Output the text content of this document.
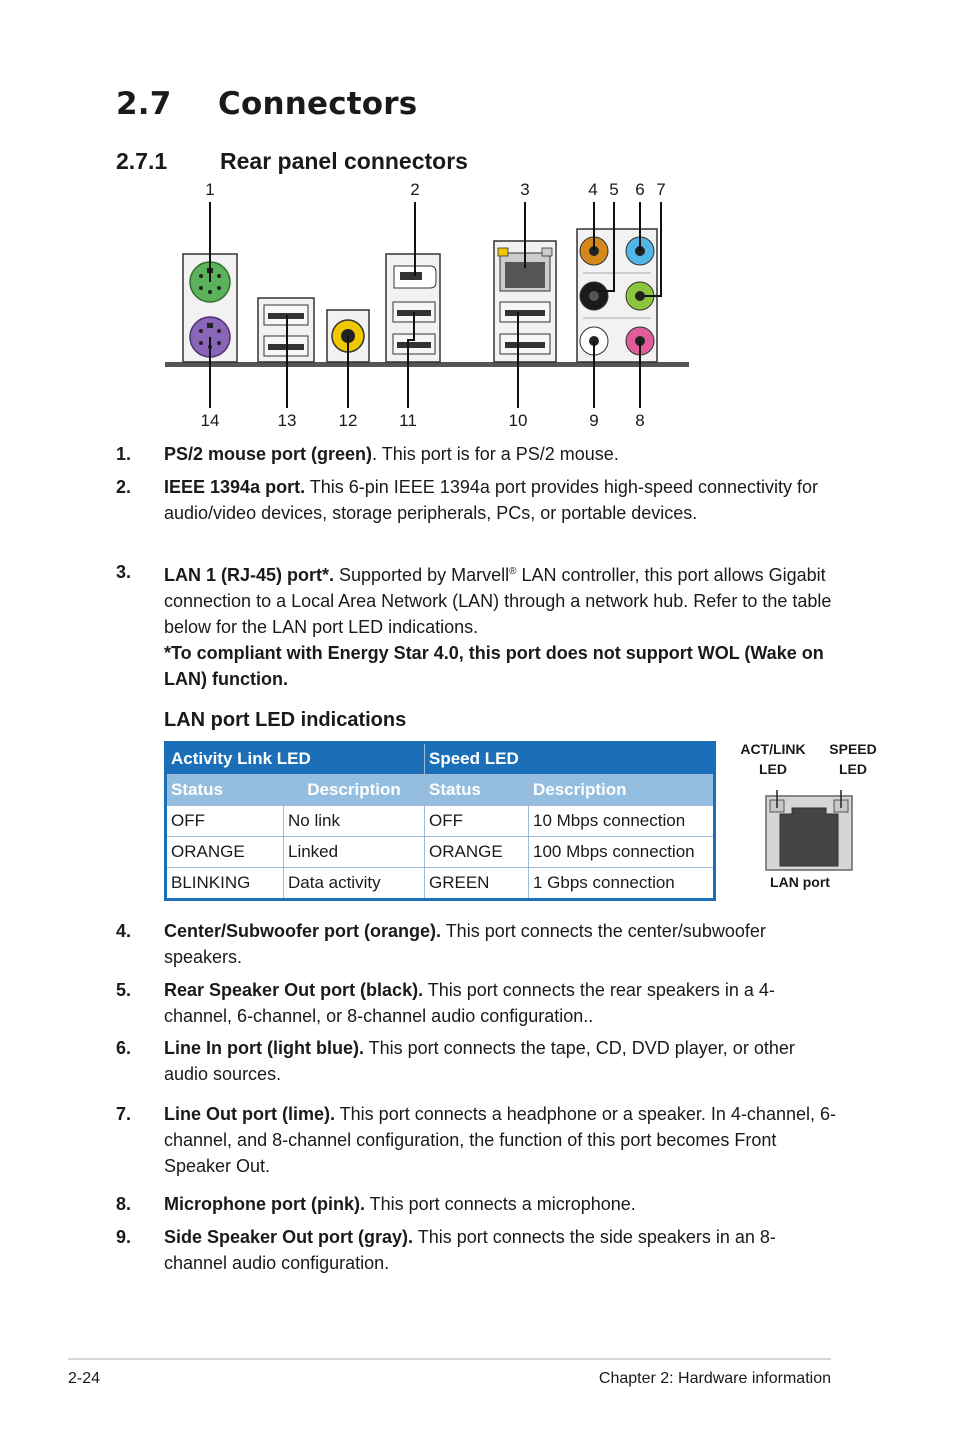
2.7 Connectors
2.7.1 Rear panel connectors
1	2	3	4 5 6 7
14	13	12	11	10	9	8
1. PS/2 mouse port (green). This port is for a PS/2 mouse.
2. IEEE 1394a port. This 6-pin IEEE 1394a port provides high-speed connectivity for audio/video devices, storage peripherals, PCs, or portable devices.
3. LAN 1 (RJ-45) port*. Supported by Marvell® LAN controller, this port allows Gigabit connection to a Local Area Network (LAN) through a network hub. Refer to the table below for the LAN port LED indications.
*To compliant with Energy Star 4.0, this port does not support WOL (Wake on LAN) function.
LAN port LED indications
Activity Link LED		Speed LED	
Status	Description	Status	Description
OFF	No link	OFF	10 Mbps connection
ORANGE	Linked	ORANGE	100 Mbps connection
BLINKING	Data activity	GREEN	1 Gbps connection
ACT/LINK
LED
SPEED
LED
LAN port
4. Center/Subwoofer port (orange). This port connects the center/subwoofer speakers.
5. Rear Speaker Out port (black). This port connects the rear speakers in a 4-channel, 6-channel, or 8-channel audio configuration..
6. Line In port (light blue). This port connects the tape, CD, DVD player, or other audio sources.
7. Line Out port (lime). This port connects a headphone or a speaker. In 4-channel, 6-channel, and 8-channel configuration, the function of this port becomes Front Speaker Out.
8. Microphone port (pink). This port connects a microphone.
9. Side Speaker Out port (gray). This port connects the side speakers in an 8-channel audio configuration.
2-24	Chapter 2: Hardware information
